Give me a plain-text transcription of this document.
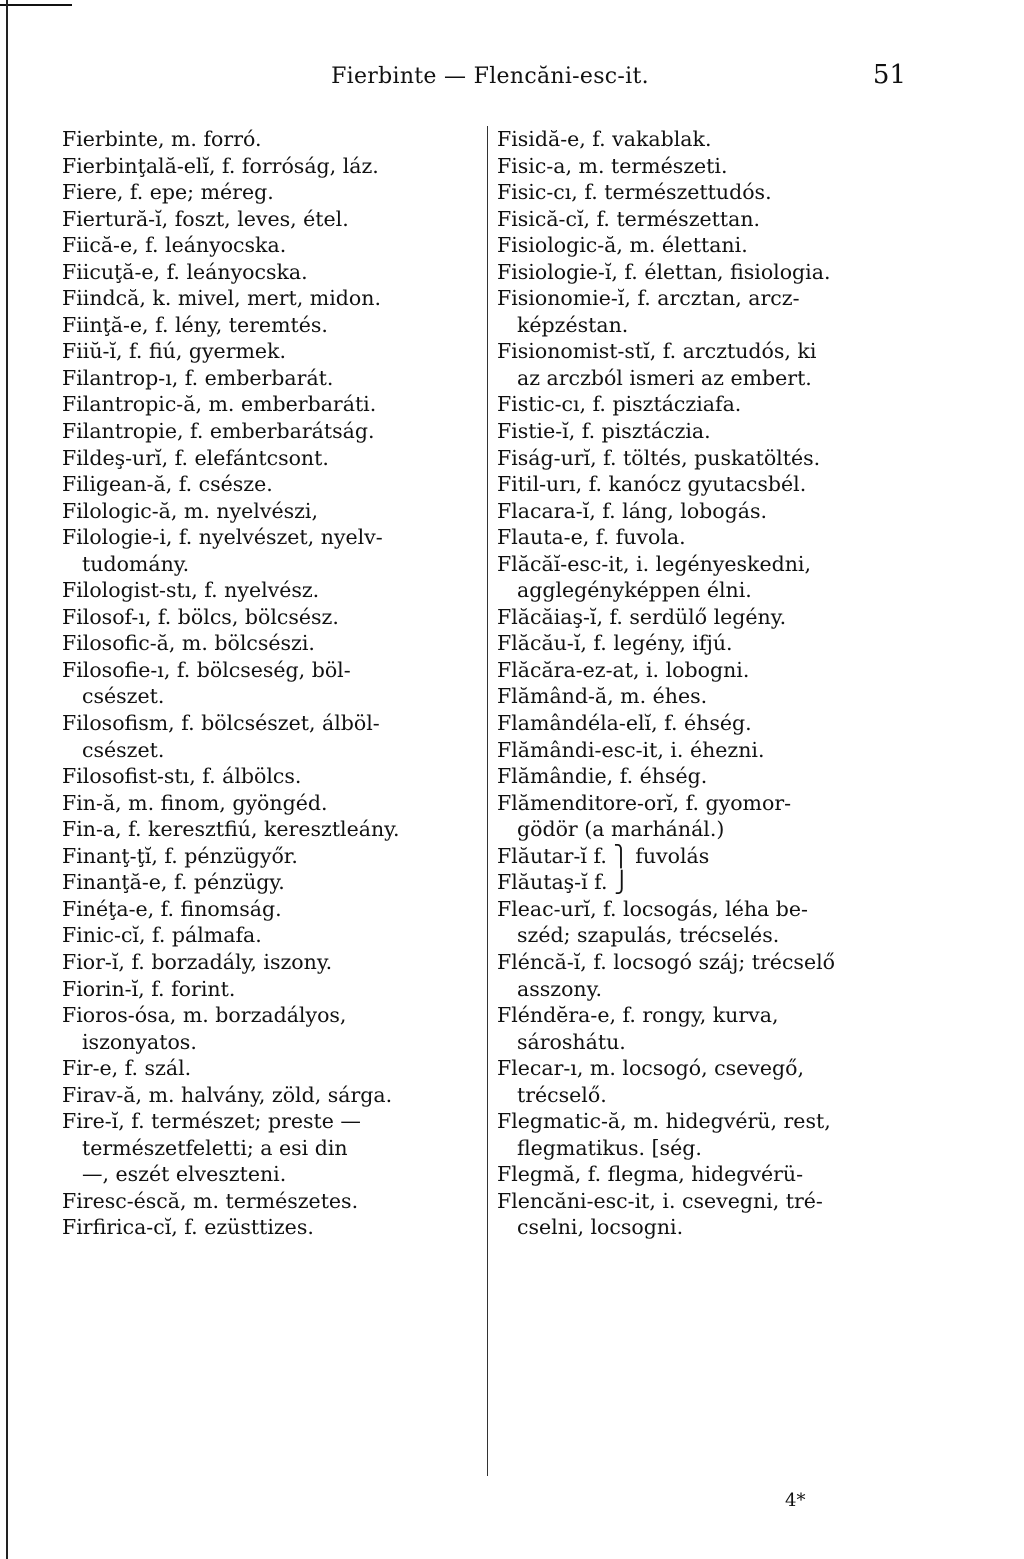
Fierbinte — Flencăni-esc-it.	51
Fierbinte, m. forró.
Fierbinţală-elĭ, f. forróság, láz.
Fiere, f. epe; méreg.
Fiertură-ĭ, foszt, leves, étel.
Fiică-e, f. leányocska.
Fiicuţă-e, f. leányocska.
Fiindcă, k. mivel, mert, midon.
Fiinţă-e, f. lény, teremtés.
Fiiŭ-ĭ, f. fiú, gyermek.
Filantrop-ı, f. emberbarát.
Filantropic-ă, m. emberbaráti.
Filantropie, f. emberbarátság.
Fildeş-urĭ, f. elefántcsont.
Filigean-ă, f. csésze.
Filologic-ă, m. nyelvészi,
Filologie-i, f. nyelvészet, nyelv-
tudomány.
Filologist-stı, f. nyelvész.
Filosof-ı, f. bölcs, bölcsész.
Filosofic-ă, m. bölcsészi.
Filosofie-ı, f. bölcseség, böl-
csészet.
Filosofism, f. bölcsészet, álböl-
csészet.
Filosofist-stı, f. álbölcs.
Fin-ă, m. finom, gyöngéd.
Fin-a, f. keresztfiú, keresztleány.
Finanţ-ţĭ, f. pénzügyőr.
Finanţă-e, f. pénzügy.
Finéţa-e, f. finomság.
Finic-cĭ, f. pálmafa.
Fior-ĭ, f. borzadály, iszony.
Fiorin-ĭ, f. forint.
Fioros-ósa, m. borzadályos,
iszonyatos.
Fir-e, f. szál.
Firav-ă, m. halvány, zöld, sárga.
Fire-ĭ, f. természet; preste —
természetfeletti; a esi din
—, eszét elveszteni.
Firesc-éscă, m. természetes.
Firfirica-cĭ, f. ezüsttizes.
Fisidă-e, f. vakablak.
Fisic-a, m. természeti.
Fisic-cı, f. természettudós.
Fisică-cĭ, f. természettan.
Fisiologic-ă, m. élettani.
Fisiologie-ĭ, f. élettan, fisiologia.
Fisionomie-ĭ, f. arcztan, arcz-
képzéstan.
Fisionomist-stĭ, f. arcztudós, ki
az arczból ismeri az embert.
Fistic-cı, f. pisztácziafa.
Fistie-ĭ, f. pisztáczia.
Fiság-urĭ, f. töltés, puskatöltés.
Fitil-urı, f. kanócz gyutacsbél.
Flacara-ĭ, f. láng, lobogás.
Flauta-e, f. fuvola.
Flăcăĭ-esc-it, i. legényeskedni,
agglegényképpen élni.
Flăcăiaş-ĭ, f. serdülő legény.
Flăcău-ĭ, f. legény, ifjú.
Flăcăra-ez-at, i. lobogni.
Flămând-ă, m. éhes.
Flamândéla-elĭ, f. éhség.
Flămândi-esc-it, i. éhezni.
Flămândie, f. éhség.
Flămenditore-orĭ, f. gyomor-
gödör (a marhánál.)
Flăutar-ĭ f. ⎫ fuvolás
Flăutaş-ĭ f. ⎭
Fleac-urĭ, f. locsogás, léha be-
széd; szapulás, trécselés.
Fléncă-ĭ, f. locsogó száj; trécselő
asszony.
Fléndĕra-e, f. rongy, kurva,
sároshátu.
Flecar-ı, m. locsogó, csevegő,
trécselő.
Flegmatic-ă, m. hidegvérü, rest,
flegmatikus. [ség.
Flegmă, f. flegma, hidegvérü-
Flencăni-esc-it, i. csevegni, tré-
cselni, locsogni.
4*
